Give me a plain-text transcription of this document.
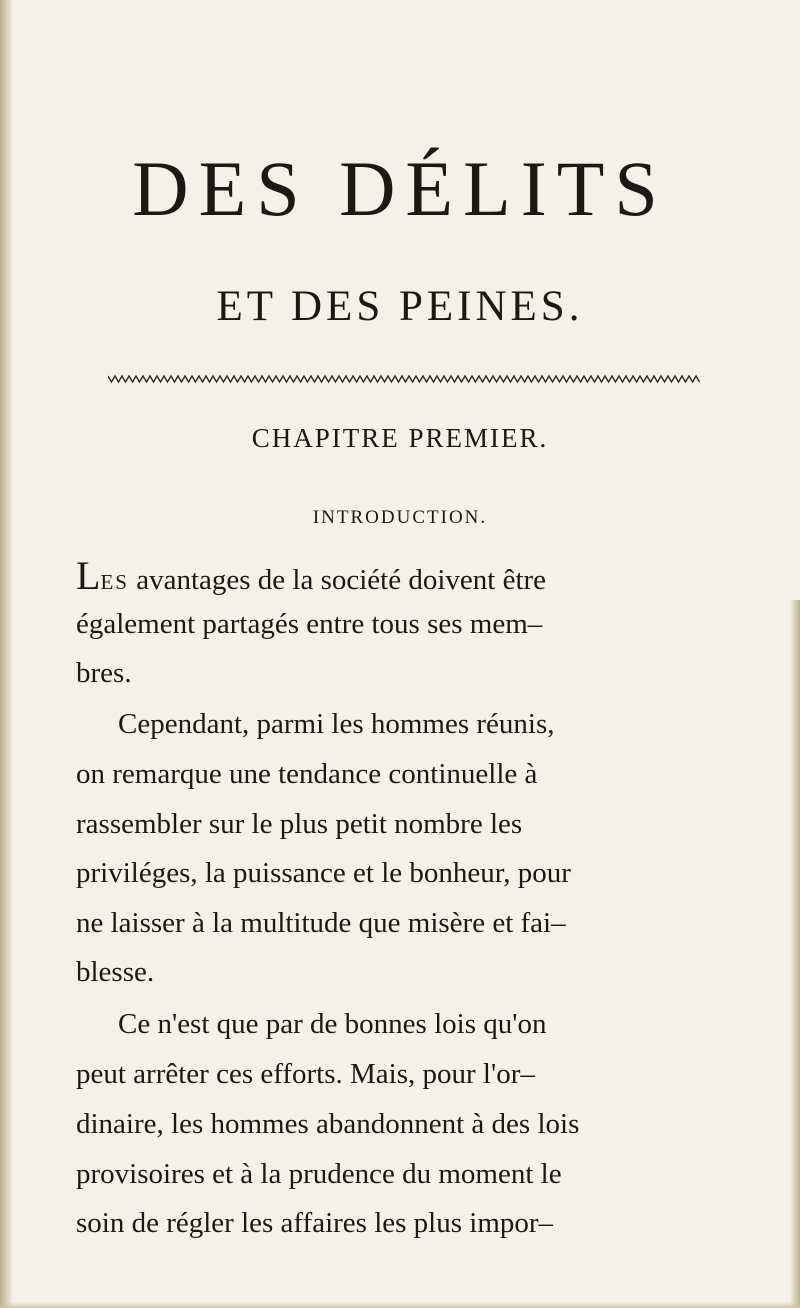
DES DÉLITS
ET DES PEINES.
CHAPITRE PREMIER.
INTRODUCTION.
LES avantages de la société doivent être
également partagés entre tous ses mem–
bres.
Cependant, parmi les hommes réunis,
on remarque une tendance continuelle à
rassembler sur le plus petit nombre les
priviléges, la puissance et le bonheur, pour
ne laisser à la multitude que misère et fai–
blesse.
Ce n'est que par de bonnes lois qu'on
peut arrêter ces efforts. Mais, pour l'or–
dinaire, les hommes abandonnent à des lois
provisoires et à la prudence du moment le
soin de régler les affaires les plus impor–
